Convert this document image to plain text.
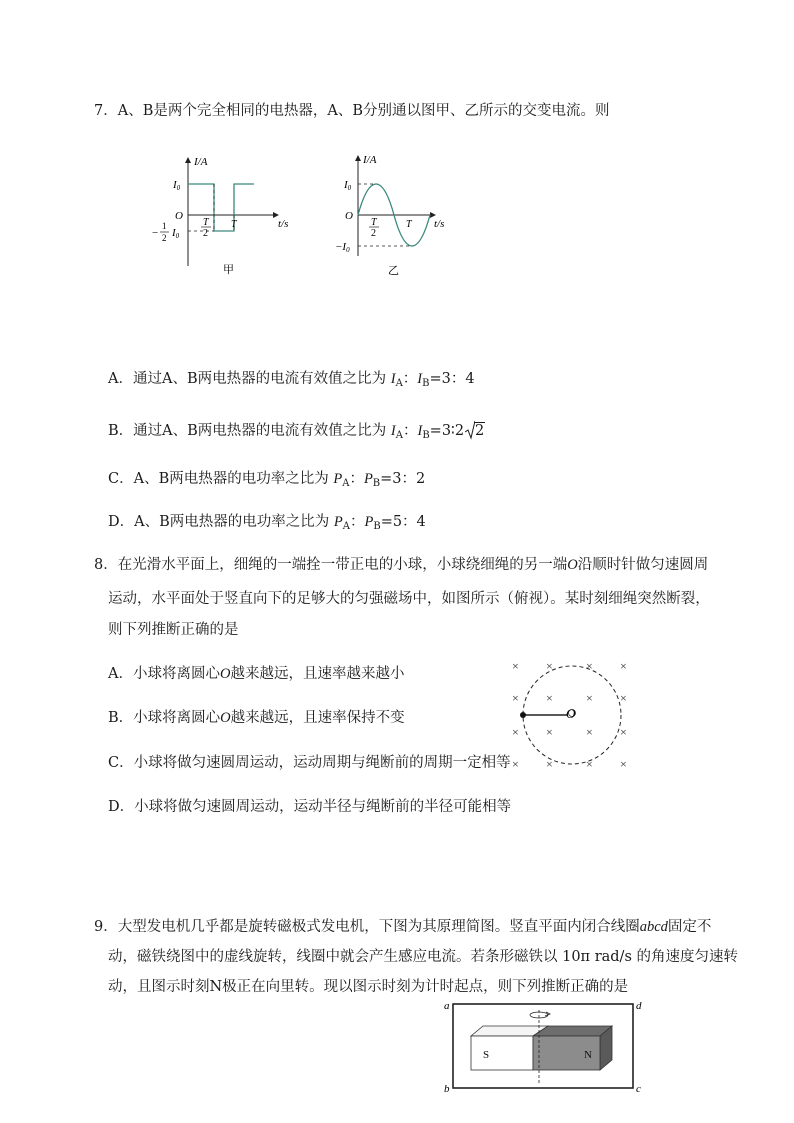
7．A、B是两个完全相同的电热器，A、B分别通以图甲、乙所示的交变电流。则
I/A
t/s
O
I0
−
1
2 I0
T
2
T
甲
I/A
t/s
O
I0
−I0
T
2
T
乙
A．通过A、B两电热器的电流有效值之比为 $I_A$：$I_B=3$：4
B．通过A、B两电热器的电流有效值之比为 $I_A$：$I_B=3∶2$ 2
C．A、B两电热器的电功率之比为 $P_A$：$P_B=3$：2
D．A、B两电热器的电功率之比为 $P_A$：$P_B=5$：4
8．在光滑水平面上，细绳的一端拴一带正电的小球，小球绕细绳的另一端O沿顺时针做匀速圆周
运动，水平面处于竖直向下的足够大的匀强磁场中，如图所示（俯视）。某时刻细绳突然断裂，
则下列推断正确的是
A．小球将离圆心O越来越远，且速率越来越小
B．小球将离圆心O越来越远，且速率保持不变
C．小球将做匀速圆周运动，运动周期与绳断前的周期一定相等
D．小球将做匀速圆周运动，运动半径与绳断前的半径可能相等
× ×	× ×
× ×	× ×
× ×	× ×
× ×	× ×
O
9．大型发电机几乎都是旋转磁极式发电机，下图为其原理简图。竖直平面内闭合线圈abcd固定不
动，磁铁绕图中的虚线旋转，线圈中就会产生感应电流。若条形磁铁以 10π rad/s 的角速度匀速转
动，且图示时刻N极正在向里转。现以图示时刻为计时起点，则下列推断正确的是
a	d
b	c
S	N
